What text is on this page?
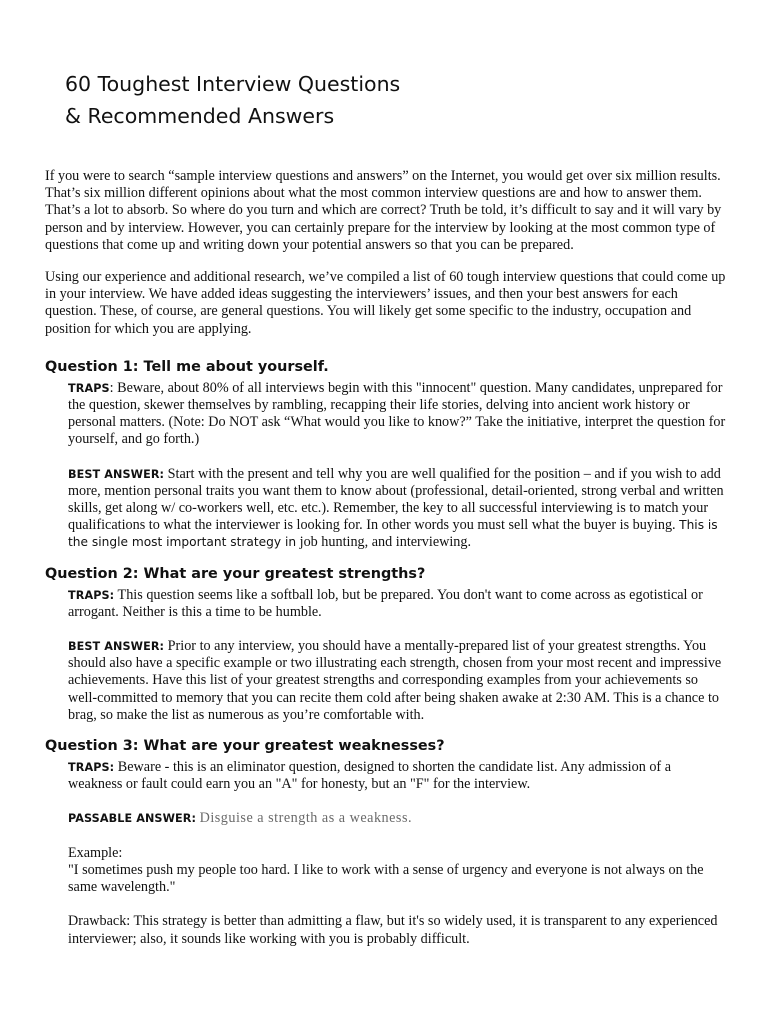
60 Toughest Interview Questions
& Recommended Answers

If you were to search “sample interview questions and answers” on the Internet, you would get over six million results. That’s six million different opinions about what the most common interview questions are and how to answer them. That’s a lot to absorb. So where do you turn and which are correct? Truth be told, it’s difficult to say and it will vary by person and by interview. However, you can certainly prepare for the interview by looking at the most common type of questions that come up and writing down your potential answers so that you can be prepared.

Using our experience and additional research, we’ve compiled a list of 60 tough interview questions that could come up in your interview. We have added ideas suggesting the interviewers’ issues, and then your best answers for each question. These, of course, are general questions. You will likely get some specific to the industry, occupation and position for which you are applying.

Question 1: Tell me about yourself.

TRAPS: Beware, about 80% of all interviews begin with this "innocent" question. Many candidates, unprepared for the question, skewer themselves by rambling, recapping their life stories, delving into ancient work history or personal matters. (Note: Do NOT ask “What would you like to know?” Take the initiative, interpret the question for yourself, and go forth.)

BEST ANSWER: Start with the present and tell why you are well qualified for the position – and if you wish to add more, mention personal traits you want them to know about (professional, detail-oriented, strong verbal and written skills, get along w/ co-workers well, etc. etc.). Remember, the key to all successful interviewing is to match your qualifications to what the interviewer is looking for. In other words you must sell what the buyer is buying. This is the single most important strategy in job hunting, and interviewing.

Question 2: What are your greatest strengths?

TRAPS: This question seems like a softball lob, but be prepared. You don't want to come across as egotistical or arrogant. Neither is this a time to be humble.

BEST ANSWER: Prior to any interview, you should have a mentally-prepared list of your greatest strengths. You should also have a specific example or two illustrating each strength, chosen from your most recent and impressive achievements. Have this list of your greatest strengths and corresponding examples from your achievements so well-committed to memory that you can recite them cold after being shaken awake at 2:30 AM. This is a chance to brag, so make the list as numerous as you’re comfortable with.

Question 3: What are your greatest weaknesses?

TRAPS: Beware - this is an eliminator question, designed to shorten the candidate list. Any admission of a weakness or fault could earn you an "A" for honesty, but an "F" for the interview.

PASSABLE ANSWER: Disguise a strength as a weakness.

Example:

"I sometimes push my people too hard. I like to work with a sense of urgency and everyone is not always on the same wavelength."

Drawback: This strategy is better than admitting a flaw, but it's so widely used, it is transparent to any experienced interviewer; also, it sounds like working with you is probably difficult.
